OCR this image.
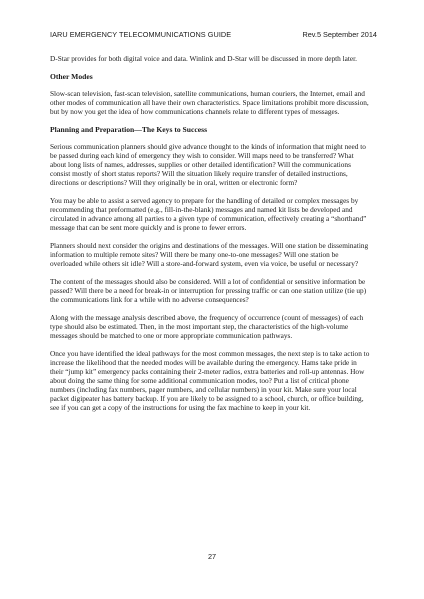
IARU EMERGENCY TELECOMMUNICATIONS GUIDE	Rev.5 September 2014

D-Star provides for both digital voice and data. Winlink and D-Star will be discussed in more depth later.

Other Modes

Slow-scan television, fast-scan television, satellite communications, human couriers, the Internet, email and other modes of communication all have their own characteristics. Space limitations prohibit more discussion, but by now you get the idea of how communications channels relate to different types of messages.

Planning and Preparation—The Keys to Success

Serious communication planners should give advance thought to the kinds of information that might need to be passed during each kind of emergency they wish to consider. Will maps need to be transferred? What about long lists of names, addresses, supplies or other detailed identification? Will the communications consist mostly of short status reports? Will the situation likely require transfer of detailed instructions, directions or descriptions? Will they originally be in oral, written or electronic form?

You may be able to assist a served agency to prepare for the handling of detailed or complex messages by recommending that preformatted (e.g., fill-in-the-blank) messages and named kit lists be developed and circulated in advance among all parties to a given type of communication, effectively creating a “shorthand” message that can be sent more quickly and is prone to fewer errors.

Planners should next consider the origins and destinations of the messages. Will one station be disseminating information to multiple remote sites? Will there be many one-to-one messages? Will one station be overloaded while others sit idle? Will a store-and-forward system, even via voice, be useful or necessary?

The content of the messages should also be considered. Will a lot of confidential or sensitive information be passed? Will there be a need for break-in or interruption for pressing traffic or can one station utilize (tie up) the communications link for a while with no adverse consequences?

Along with the message analysis described above, the frequency of occurrence (count of messages) of each type should also be estimated. Then, in the most important step, the characteristics of the high-volume messages should be matched to one or more appropriate communication pathways.

Once you have identified the ideal pathways for the most common messages, the next step is to take action to increase the likelihood that the needed modes will be available during the emergency. Hams take pride in their “jump kit” emergency packs containing their 2-meter radios, extra batteries and roll-up antennas. How about doing the same thing for some additional communication modes, too? Put a list of critical phone numbers (including fax numbers, pager numbers, and cellular numbers) in your kit. Make sure your local packet digipeater has battery backup. If you are likely to be assigned to a school, church, or office building, see if you can get a copy of the instructions for using the fax machine to keep in your kit.

27
